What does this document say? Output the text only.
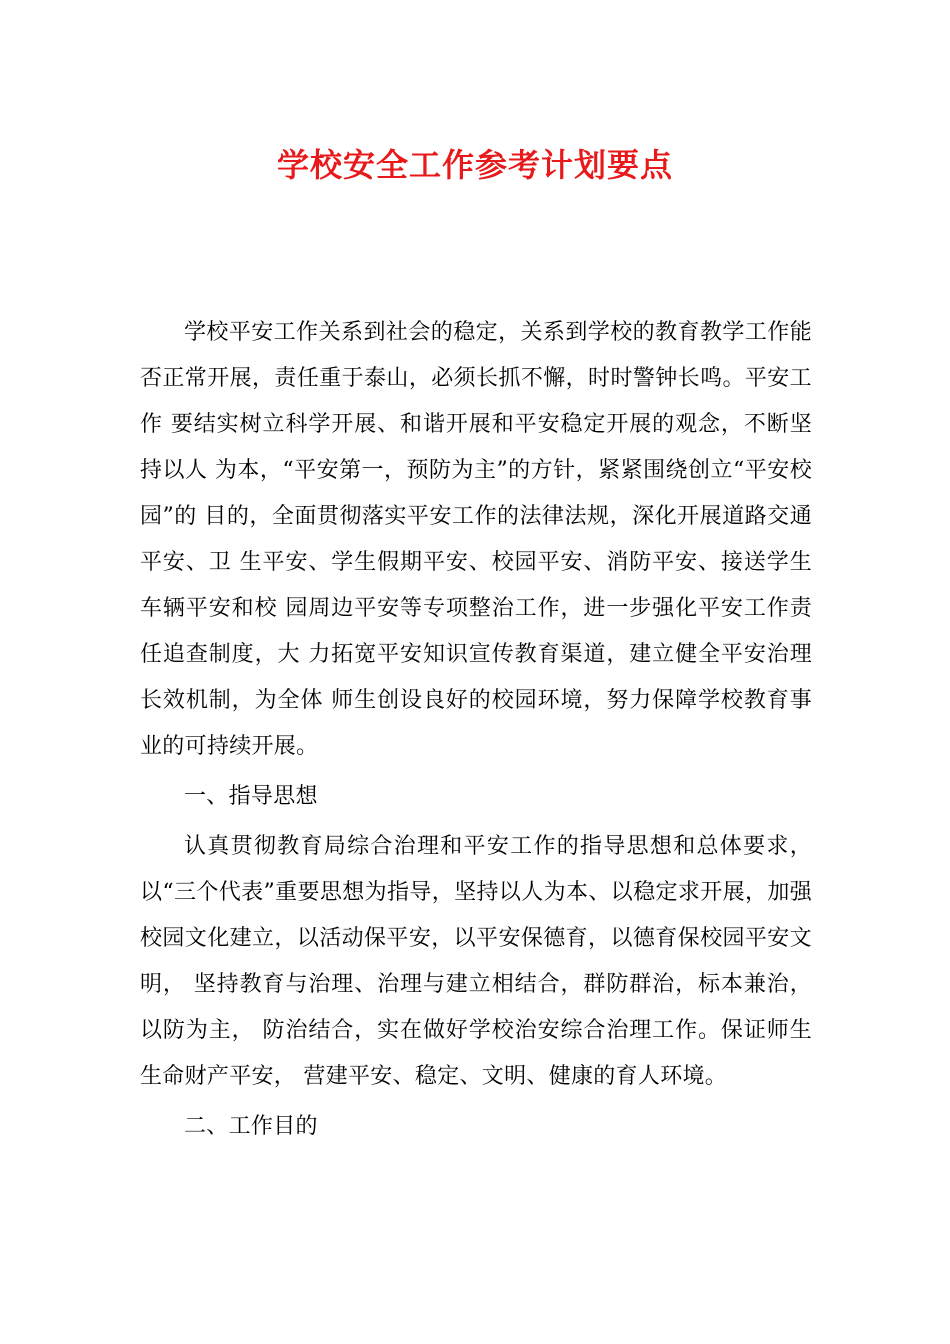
学校安全工作参考计划要点

学校平安工作关系到社会的稳定，关系到学校的教育教学工作能否正常开展，责任重于泰山，必须长抓不懈，时时警钟长鸣。平安工作 要结实树立科学开展、和谐开展和平安稳定开展的观念，不断坚持以人 为本，“平安第一，预防为主”的方针，紧紧围绕创立“平安校园”的 目的，全面贯彻落实平安工作的法律法规，深化开展道路交通平安、卫 生平安、学生假期平安、校园平安、消防平安、接送学生车辆平安和校 园周边平安等专项整治工作，进一步强化平安工作责任追查制度，大 力拓宽平安知识宣传教育渠道，建立健全平安治理长效机制，为全体 师生创设良好的校园环境，努力保障学校教育事业的可持续开展。

一、指导思想

认真贯彻教育局综合治理和平安工作的指导思想和总体要求，以“三个代表”重要思想为指导，坚持以人为本、以稳定求开展，加强校园文化建立，以活动保平安，以平安保德育，以德育保校园平安文明， 坚持教育与治理、治理与建立相结合，群防群治，标本兼治，以防为主， 防治结合，实在做好学校治安综合治理工作。保证师生生命财产平安， 营建平安、稳定、文明、健康的育人环境。

二、工作目的
